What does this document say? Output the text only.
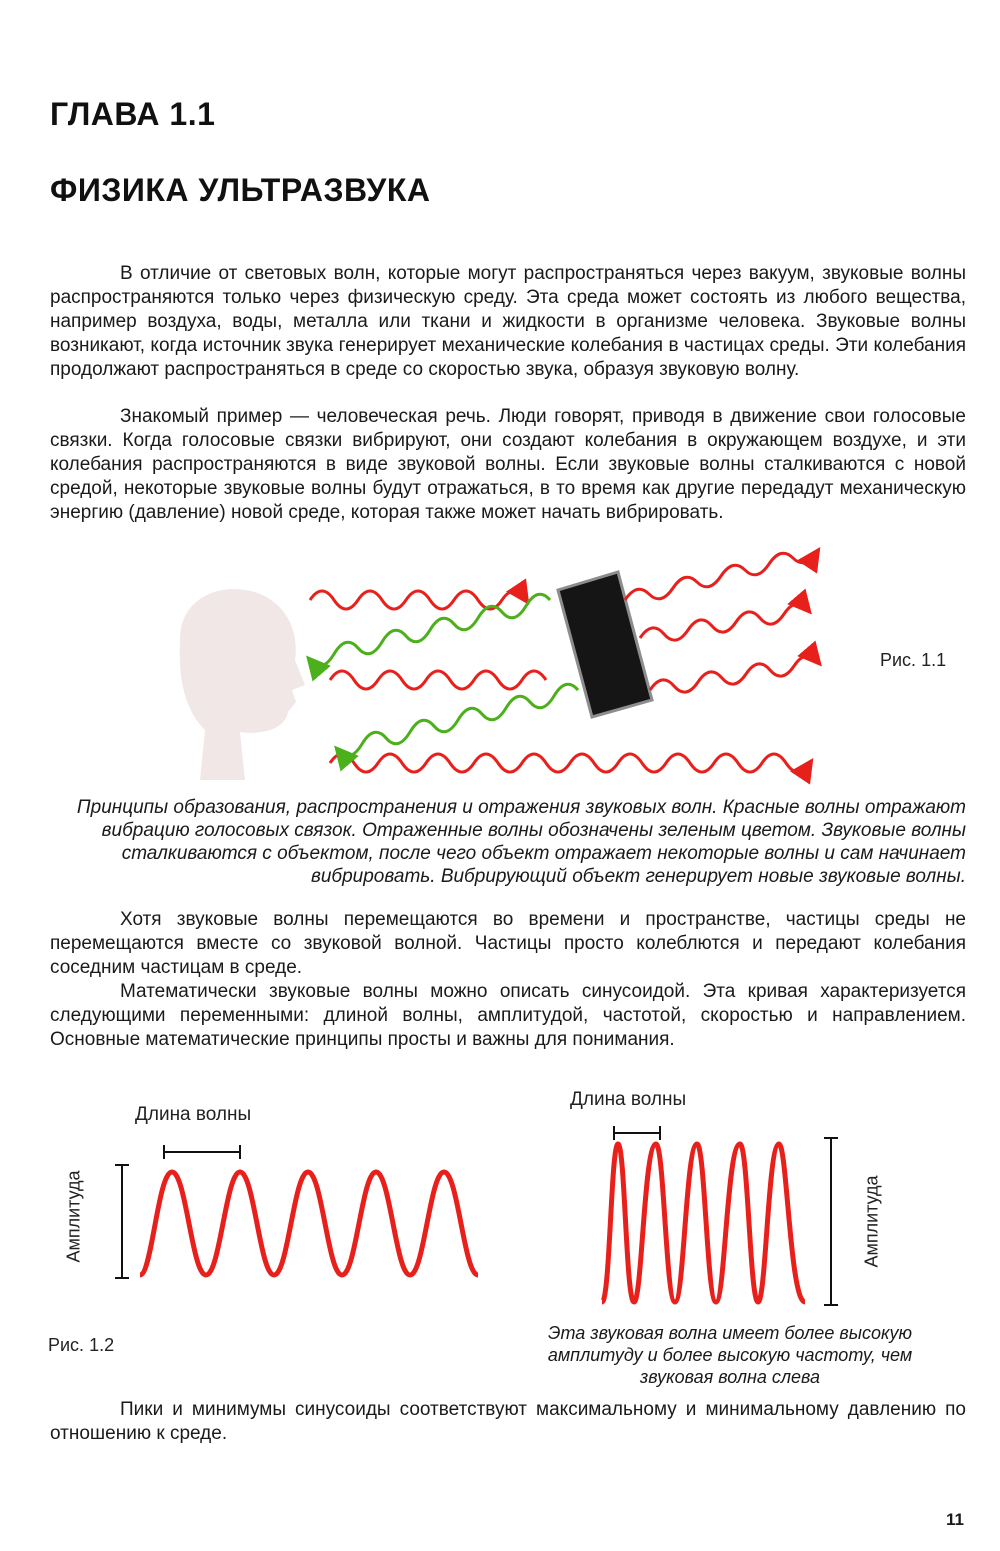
ГЛАВА 1.1
ФИЗИКА УЛЬТРАЗВУКА

В отличие от световых волн, которые могут распространяться через вакуум, звуковые волны распространяются только через физическую среду. Эта среда может состоять из любого вещества, например воздуха, воды, металла или ткани и жидкости в организме человека. Звуковые волны возникают, когда источник звука генерирует механические колебания в частицах среды. Эти колебания продолжают распространяться в среде со скоростью звука, образуя звуковую волну.

Знакомый пример — человеческая речь. Люди говорят, приводя в движение свои голосовые связки. Когда голосовые связки вибрируют, они создают колебания в окружающем воздухе, и эти колебания распространяются в виде звуковой волны. Если звуковые волны сталкиваются с новой средой, некоторые звуковые волны будут отражаться, в то время как другие передадут механическую энергию (давление) новой среде, которая также может начать вибрировать.

Рис. 1.1

Принципы образования, распространения и отражения звуковых волн. Красные волны отражают вибрацию голосовых связок. Отраженные волны обозначены зеленым цветом. Звуковые волны сталкиваются с объектом, после чего объект отражает некоторые волны и сам начинает вибрировать. Вибрирующий объект генерирует новые звуковые волны.

Хотя звуковые волны перемещаются во времени и пространстве, частицы среды не перемещаются вместе со звуковой волной. Частицы просто колеблются и передают колебания соседним частицам в среде.

Математически звуковые волны можно описать синусоидой. Эта кривая характеризуется следующими переменными: длиной волны, амплитудой, частотой, скоростью и направлением. Основные математические принципы просты и важны для понимания.

Длина волны
Длина волны
Амплитуда	Амплитуда
Рис. 1.2

Эта звуковая волна имеет более высокую амплитуду и более высокую частоту, чем звуковая волна слева

Пики и минимумы синусоиды соответствуют максимальному и минимальному давлению по отношению к среде.

11
